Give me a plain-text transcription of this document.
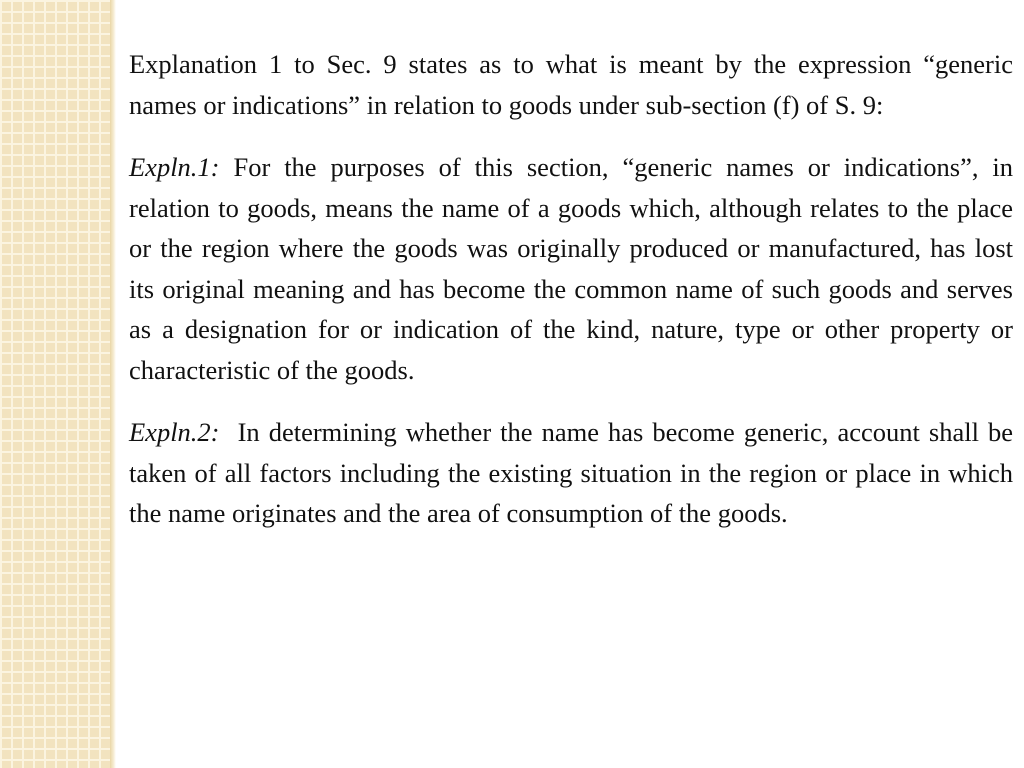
Explanation 1 to Sec. 9 states as to what is meant by the expression “generic names or indications” in relation to goods under sub-section (f) of S. 9:

Expln.1: For the purposes of this section, “generic names or indications”, in relation to goods, means the name of a goods which, although relates to the place or the region where the goods was originally produced or manufactured, has lost its original meaning and has become the common name of such goods and serves as a designation for or indication of the kind, nature, type or other property or characteristic of the goods.

Expln.2: In determining whether the name has become generic, account shall be taken of all factors including the existing situation in the region or place in which the name originates and the area of consumption of the goods.
